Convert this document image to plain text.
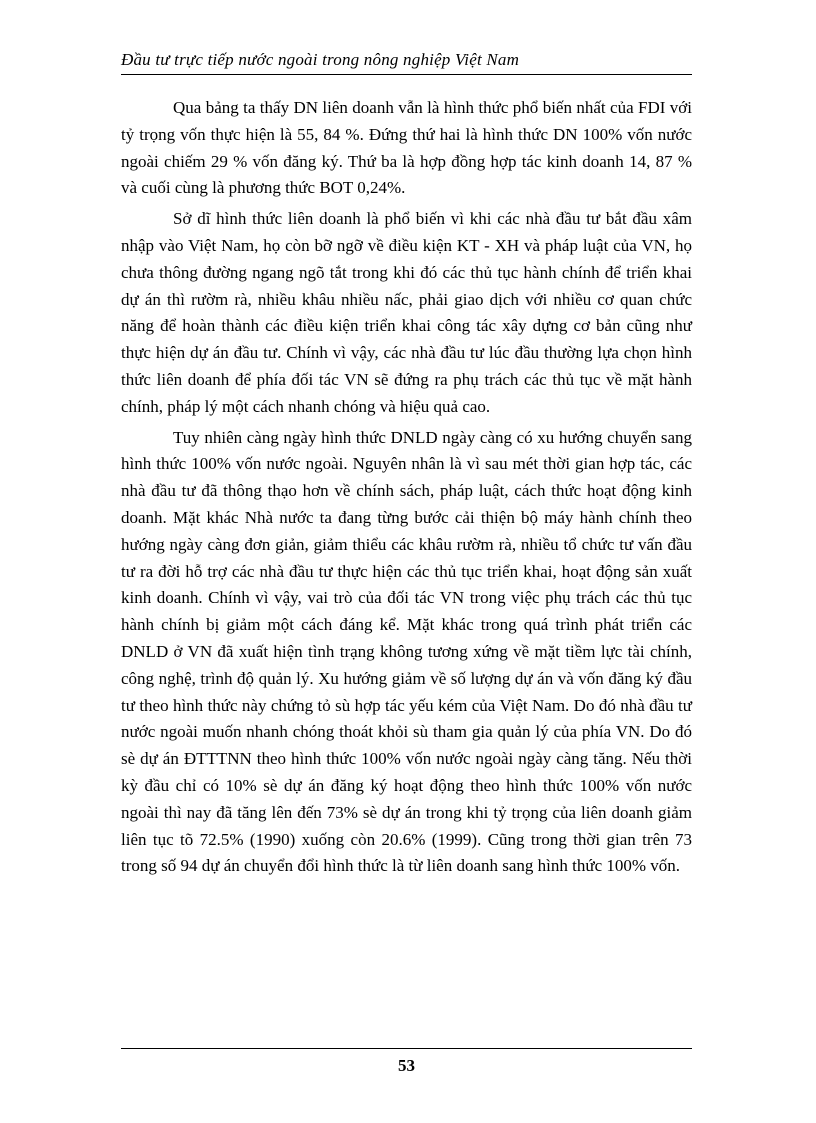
Đầu tư trực tiếp nước ngoài trong nông nghiệp Việt Nam

Qua bảng ta thấy DN liên doanh vẫn là hình thức phổ biến nhất của FDI với tỷ trọng vốn thực hiện là 55, 84 %. Đứng thứ hai là hình thức DN 100% vốn nước ngoài chiếm 29 % vốn đăng ký. Thứ ba là hợp đồng hợp tác kinh doanh 14, 87 % và cuối cùng là phương thức BOT 0,24%.

Sở dĩ hình thức liên doanh là phổ biến vì khi các nhà đầu tư bắt đầu xâm nhập vào Việt Nam, họ còn bỡ ngỡ về điều kiện KT - XH và pháp luật của VN, họ chưa thông đường ngang ngõ tắt trong khi đó các thủ tục hành chính để triển khai dự án thì rườm rà, nhiều khâu nhiều nấc, phải giao dịch với nhiều cơ quan chức năng để hoàn thành các điều kiện triển khai công tác xây dựng cơ bản cũng như thực hiện dự án đầu tư. Chính vì vậy, các nhà đầu tư lúc đầu thường lựa chọn hình thức liên doanh để phía đối tác VN sẽ đứng ra phụ trách các thủ tục về mặt hành chính, pháp lý một cách nhanh chóng và hiệu quả cao.

Tuy nhiên càng ngày hình thức DNLD ngày càng có xu hướng chuyển sang hình thức 100% vốn nước ngoài. Nguyên nhân là vì sau mét thời gian hợp tác, các nhà đầu tư đã thông thạo hơn về chính sách, pháp luật, cách thức hoạt động kinh doanh. Mặt khác Nhà nước ta đang từng bước cải thiện bộ máy hành chính theo hướng ngày càng đơn giản, giảm thiểu các khâu rườm rà, nhiều tổ chức tư vấn đầu tư ra đời hỗ trợ các nhà đầu tư thực hiện các thủ tục triển khai, hoạt động sản xuất kinh doanh. Chính vì vậy, vai trò của đối tác VN trong việc phụ trách các thủ tục hành chính bị giảm một cách đáng kể. Mặt khác trong quá trình phát triển các DNLD ở VN đã xuất hiện tình trạng không tương xứng về mặt tiềm lực tài chính, công nghệ, trình độ quản lý. Xu hướng giảm về số lượng dự án và vốn đăng ký đầu tư theo hình thức này chứng tỏ sù hợp tác yếu kém của Việt Nam. Do đó nhà đầu tư nước ngoài muốn nhanh chóng thoát khỏi sù tham gia quản lý của phía VN. Do đó sè dự án ĐTTTNN theo hình thức 100% vốn nước ngoài ngày càng tăng. Nếu thời kỳ đầu chỉ có 10% sè dự án đăng ký hoạt động theo hình thức 100% vốn nước ngoài thì nay đã tăng lên đến 73% sè dự án trong khi tỷ trọng của liên doanh giảm liên tục tõ 72.5% (1990) xuống còn 20.6% (1999). Cũng trong thời gian trên 73 trong số 94 dự án chuyển đổi hình thức là từ liên doanh sang hình thức 100% vốn.

53
